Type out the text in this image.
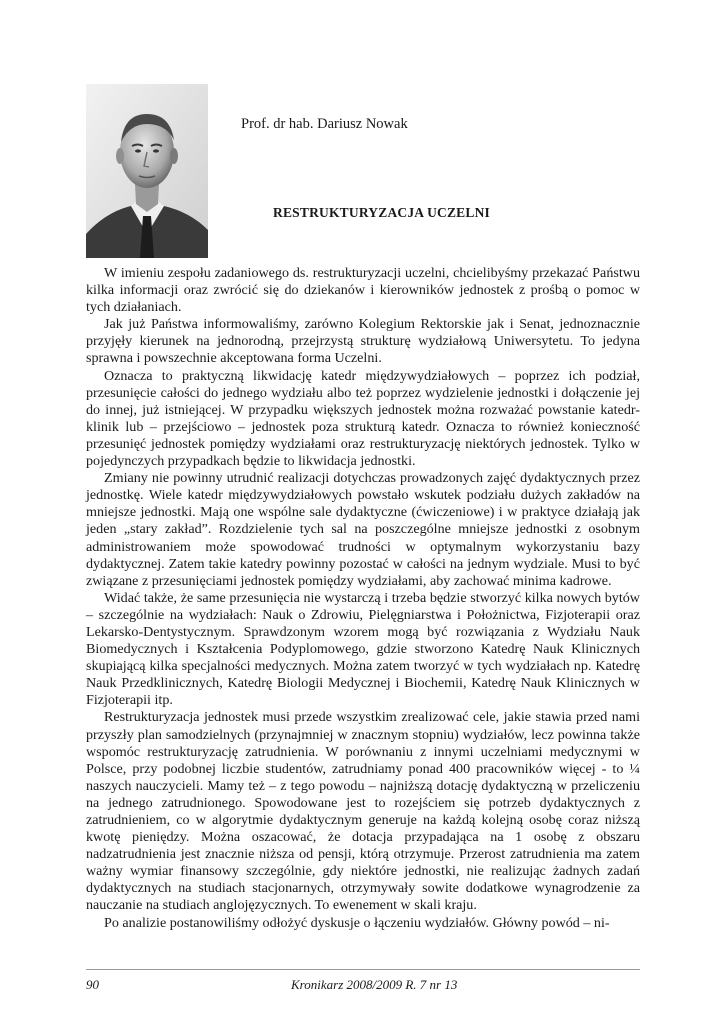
Prof. dr hab. Dariusz Nowak
RESTRUKTURYZACJA UCZELNI

W imieniu zespołu zadaniowego ds. restrukturyzacji uczelni, chcielibyśmy przekazać Państwu kilka informacji oraz zwrócić się do dziekanów i kierowników jednostek z prośbą o pomoc w tych działaniach.

Jak już Państwa informowaliśmy, zarówno Kolegium Rektorskie jak i Senat, jednoznacznie przyjęły kierunek na jednorodną, przejrzystą strukturę wydziałową Uniwersytetu. To jedyna sprawna i powszechnie akceptowana forma Uczelni.

Oznacza to praktyczną likwidację katedr międzywydziałowych – poprzez ich podział, przesunięcie całości do jednego wydziału albo też poprzez wydzielenie jednostki i dołączenie jej do innej, już istniejącej. W przypadku większych jednostek można rozważać powstanie katedr-klinik lub – przejściowo – jednostek poza strukturą katedr. Oznacza to również konieczność przesunięć jednostek pomiędzy wydziałami oraz restrukturyzację niektórych jednostek. Tylko w pojedynczych przypadkach będzie to likwidacja jednostki.

Zmiany nie powinny utrudnić realizacji dotychczas prowadzonych zajęć dydaktycznych przez jednostkę. Wiele katedr międzywydziałowych powstało wskutek podziału dużych zakładów na mniejsze jednostki. Mają one wspólne sale dydaktyczne (ćwiczeniowe) i w praktyce działają jak jeden „stary zakład”. Rozdzielenie tych sal na poszczególne mniejsze jednostki z osobnym administrowaniem może spowodować trudności w optymalnym wykorzystaniu bazy dydaktycznej. Zatem takie katedry powinny pozostać w całości na jednym wydziale. Musi to być związane z przesunięciami jednostek pomiędzy wydziałami, aby zachować minima kadrowe.

Widać także, że same przesunięcia nie wystarczą i trzeba będzie stworzyć kilka nowych bytów – szczególnie na wydziałach: Nauk o Zdrowiu, Pielęgniarstwa i Położnictwa, Fizjoterapii oraz Lekarsko-Dentystycznym. Sprawdzonym wzorem mogą być rozwiązania z Wydziału Nauk Biomedycznych i Kształcenia Podyplomowego, gdzie stworzono Katedrę Nauk Klinicznych skupiającą kilka specjalności medycznych. Można zatem tworzyć w tych wydziałach np. Katedrę Nauk Przedklinicznych, Katedrę Biologii Medycznej i Biochemii, Katedrę Nauk Klinicznych w Fizjoterapii itp.

Restrukturyzacja jednostek musi przede wszystkim zrealizować cele, jakie stawia przed nami przyszły plan samodzielnych (przynajmniej w znacznym stopniu) wydziałów, lecz powinna także wspomóc restrukturyzację zatrudnienia. W porównaniu z innymi uczelniami medycznymi w Polsce, przy podobnej liczbie studentów, zatrudniamy ponad 400 pracowników więcej - to ¼ naszych nauczycieli. Mamy też – z tego powodu – najniższą dotację dydaktyczną w przeliczeniu na jednego zatrudnionego. Spowodowane jest to rozejściem się potrzeb dydaktycznych z zatrudnieniem, co w algorytmie dydaktycznym generuje na każdą kolejną osobę coraz niższą kwotę pieniędzy. Można oszacować, że dotacja przypadająca na 1 osobę z obszaru nadzatrudnienia jest znacznie niższa od pensji, którą otrzymuje. Przerost zatrudnienia ma zatem ważny wymiar finansowy szczególnie, gdy niektóre jednostki, nie realizując żadnych zadań dydaktycznych na studiach stacjonarnych, otrzymywały sowite dodatkowe wynagrodzenie za nauczanie na studiach anglojęzycznych. To ewenement w skali kraju.

Po analizie postanowiliśmy odłożyć dyskusje o łączeniu wydziałów. Główny powód – ni-

90	Kronikarz 2008/2009 R. 7 nr 13
